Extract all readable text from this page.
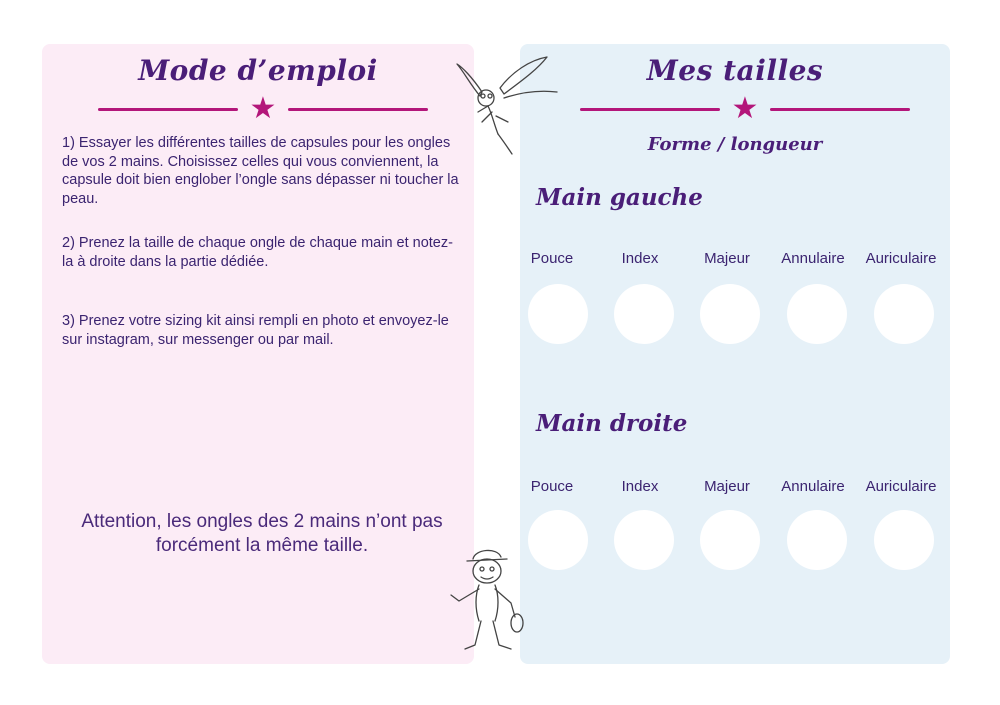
Mode d’emploi
★

1) Essayer les différentes tailles de capsules pour les ongles de vos 2 mains. Choisissez celles qui vous conviennent, la capsule doit bien englober l’ongle sans dépasser ni toucher la peau.

2) Prenez la taille de chaque ongle de chaque main et notez-la à droite dans la partie dédiée.

3) Prenez votre sizing kit ainsi rempli en photo et envoyez-le sur instagram, sur messenger ou par mail.

Attention, les ongles des 2 mains n’ont pas forcément la même taille.
Mes tailles
★
Forme / longueur
Main gauche
Pouce	Index	Majeur	Annulaire	Auriculaire
Main droite
Pouce	Index	Majeur	Annulaire	Auriculaire
